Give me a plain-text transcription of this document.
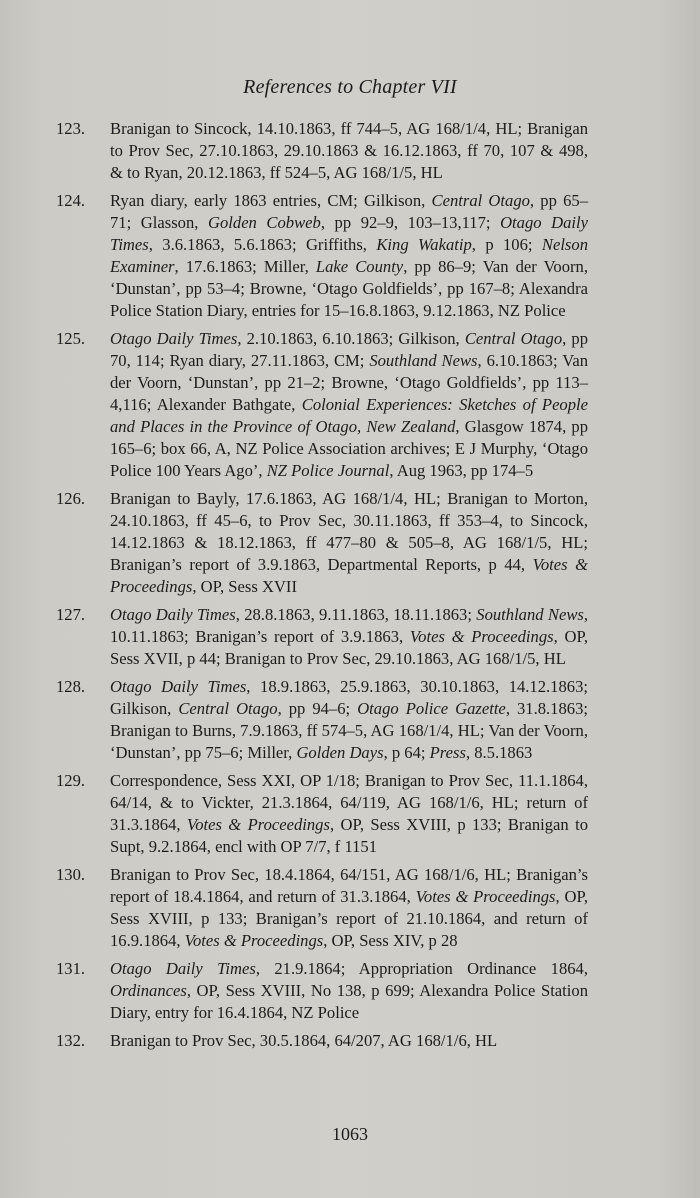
References to Chapter VII
123.	Branigan to Sincock, 14.10.1863, ff 744–5, AG 168/1/4, HL; Branigan to Prov Sec, 27.10.1863, 29.10.1863 & 16.12.1863, ff 70, 107 & 498, & to Ryan, 20.12.1863, ff 524–5, AG 168/1/5, HL
124.	Ryan diary, early 1863 entries, CM; Gilkison, Central Otago, pp 65–71; Glasson, Golden Cobweb, pp 92–9, 103–13,117; Otago Daily Times, 3.6.1863, 5.6.1863; Griffiths, King Wakatip, p 106; Nelson Examiner, 17.6.1863; Miller, Lake County, pp 86–9; Van der Voorn, ‘Dunstan’, pp 53–4; Browne, ‘Otago Goldfields’, pp 167–8; Alexandra Police Station Diary, entries for 15–16.8.1863, 9.12.1863, NZ Police
125.	Otago Daily Times, 2.10.1863, 6.10.1863; Gilkison, Central Otago, pp 70, 114; Ryan diary, 27.11.1863, CM; Southland News, 6.10.1863; Van der Voorn, ‘Dunstan’, pp 21–2; Browne, ‘Otago Goldfields’, pp 113–4,116; Alexander Bathgate, Colonial Experiences: Sketches of People and Places in the Province of Otago, New Zealand, Glasgow 1874, pp 165–6; box 66, A, NZ Police Association archives; E J Murphy, ‘Otago Police 100 Years Ago’, NZ Police Journal, Aug 1963, pp 174–5
126.	Branigan to Bayly, 17.6.1863, AG 168/1/4, HL; Branigan to Morton, 24.10.1863, ff 45–6, to Prov Sec, 30.11.1863, ff 353–4, to Sincock, 14.12.1863 & 18.12.1863, ff 477–80 & 505–8, AG 168/1/5, HL; Branigan’s report of 3.9.1863, Departmental Reports, p 44, Votes & Proceedings, OP, Sess XVII
127.	Otago Daily Times, 28.8.1863, 9.11.1863, 18.11.1863; Southland News, 10.11.1863; Branigan’s report of 3.9.1863, Votes & Proceedings, OP, Sess XVII, p 44; Branigan to Prov Sec, 29.10.1863, AG 168/1/5, HL
128.	Otago Daily Times, 18.9.1863, 25.9.1863, 30.10.1863, 14.12.1863; Gilkison, Central Otago, pp 94–6; Otago Police Gazette, 31.8.1863; Branigan to Burns, 7.9.1863, ff 574–5, AG 168/1/4, HL; Van der Voorn, ‘Dunstan’, pp 75–6; Miller, Golden Days, p 64; Press, 8.5.1863
129.	Correspondence, Sess XXI, OP 1/18; Branigan to Prov Sec, 11.1.1864, 64/14, & to Vickter, 21.3.1864, 64/119, AG 168/1/6, HL; return of 31.3.1864, Votes & Proceedings, OP, Sess XVIII, p 133; Branigan to Supt, 9.2.1864, encl with OP 7/7, f 1151
130.	Branigan to Prov Sec, 18.4.1864, 64/151, AG 168/1/6, HL; Branigan’s report of 18.4.1864, and return of 31.3.1864, Votes & Proceedings, OP, Sess XVIII, p 133; Branigan’s report of 21.10.1864, and return of 16.9.1864, Votes & Proceedings, OP, Sess XIV, p 28
131.	Otago Daily Times, 21.9.1864; Appropriation Ordinance 1864, Ordinances, OP, Sess XVIII, No 138, p 699; Alexandra Police Station Diary, entry for 16.4.1864, NZ Police
132.	Branigan to Prov Sec, 30.5.1864, 64/207, AG 168/1/6, HL
1063
